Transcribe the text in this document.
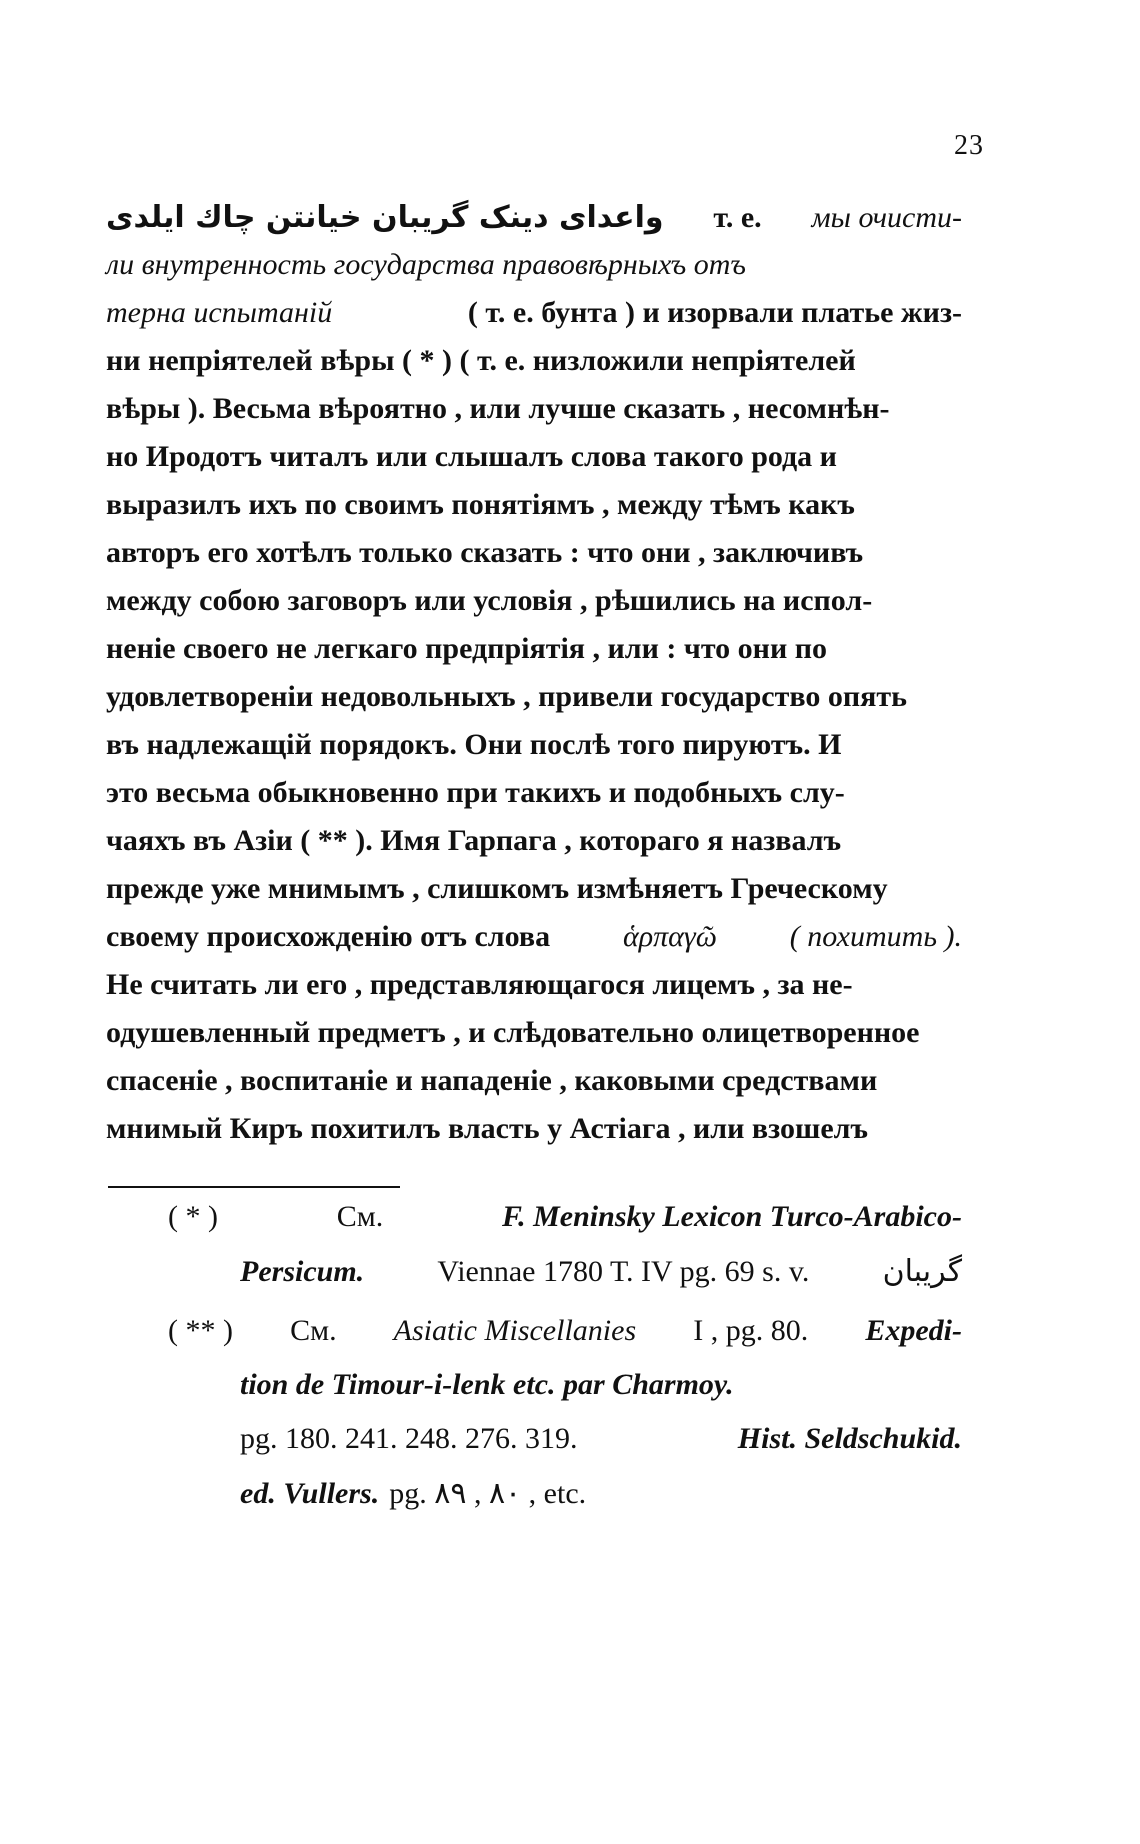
23
واعدای دینک گریبان خیانتن چاك ایلدی т. е. мы очисти-
ли внутренность государства правовѣрныхъ отъ
терна испытаній	( т. е. бунта ) и изорвали платье жиз-
ни непріятелей вѣры ( * ) ( т. е. низложили непріятелей
вѣры ). Весьма вѣроятно , или лучше сказать , несомнѣн-
но Иродотъ читалъ или слышалъ слова такого рода и
выразилъ ихъ по своимъ понятіямъ , между тѣмъ какъ
авторъ его хотѣлъ только сказать : что они , заключивъ
между собою заговоръ или условія , рѣшились на испол-
неніе своего не легкаго предпріятія , или : что они по
удовлетвореніи недовольныхъ , привели государство опять
въ надлежащій порядокъ. Они послѣ того пируютъ. И
это весьма обыкновенно при такихъ и подобныхъ слу-
чаяхъ въ Азіи ( ** ). Имя Гарпага , котораго я назвалъ
прежде уже мнимымъ , слишкомъ измѣняетъ Греческому
своему происхожденію отъ слова ἁρπαγῶ ( похитить ).
Не считать ли его , представляющагося лицемъ , за не-
одушевленный предметъ , и слѣдовательно олицетворенное
спасеніе , воспитаніе и нападеніе , каковыми средствами
мнимый Киръ похитилъ власть у Астіага , или взошелъ
( * )	См.	F. Meninsky Lexicon Turco-Arabico-
Persicum. Viennae 1780 T. IV pg. 69 s. v. گريبان
( ** ) См. Asiatic Miscellanies I , pg. 80. Expedi-
tion de Timour-i-lenk etc. par Charmoy.
pg. 180. 241. 248. 276. 319.	Hist. Seldschukid.
ed. Vullers. pg. ٨٠ , ٨٩ , etc.
